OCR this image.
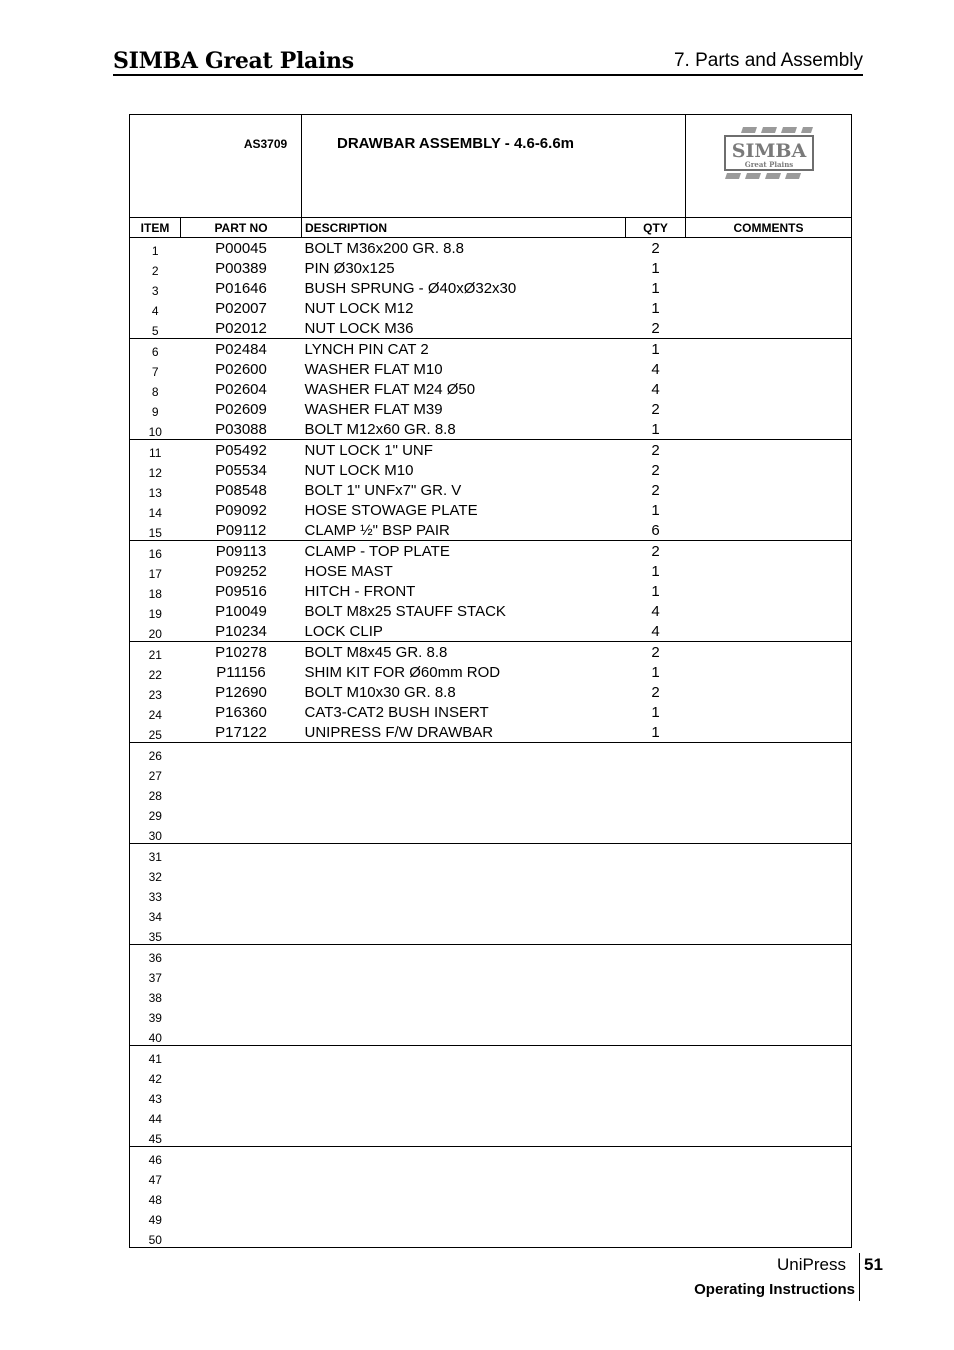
SIMBA Great Plains	7. Parts and Assembly
AS3709		DRAWBAR ASSEMBLY - 4.6-6.6m		SIMBA
Great Plains

ITEM	PART NO	DESCRIPTION	QTY	COMMENTS
1	P00045	BOLT M36x200 GR. 8.8	2	
2	P00389	PIN Ø30x125	1	
3	P01646	BUSH SPRUNG - Ø40xØ32x30	1	
4	P02007	NUT LOCK M12	1	
5	P02012	NUT LOCK M36	2	
6	P02484	LYNCH PIN CAT 2	1	
7	P02600	WASHER FLAT M10	4	
8	P02604	WASHER FLAT M24 Ø50	4	
9	P02609	WASHER FLAT M39	2	
10	P03088	BOLT M12x60 GR. 8.8	1	
11	P05492	NUT LOCK 1" UNF	2	
12	P05534	NUT LOCK M10	2	
13	P08548	BOLT 1" UNFx7" GR. V	2	
14	P09092	HOSE STOWAGE PLATE	1	
15	P09112	CLAMP ½" BSP PAIR	6	
16	P09113	CLAMP - TOP PLATE	2	
17	P09252	HOSE MAST	1	
18	P09516	HITCH - FRONT	1	
19	P10049	BOLT M8x25 STAUFF STACK	4	
20	P10234	LOCK CLIP	4	
21	P10278	BOLT M8x45 GR. 8.8	2	
22	P11156	SHIM KIT FOR Ø60mm ROD	1	
23	P12690	BOLT M10x30 GR. 8.8	2	
24	P16360	CAT3-CAT2 BUSH INSERT	1	
25	P17122	UNIPRESS F/W DRAWBAR	1	
26				
27				
28				
29				
30				
31				
32				
33				
34				
35				
36				
37				
38				
39				
40				
41				
42				
43				
44				
45				
46				
47				
48				
49				
50				
UniPress 51
Operating Instructions
